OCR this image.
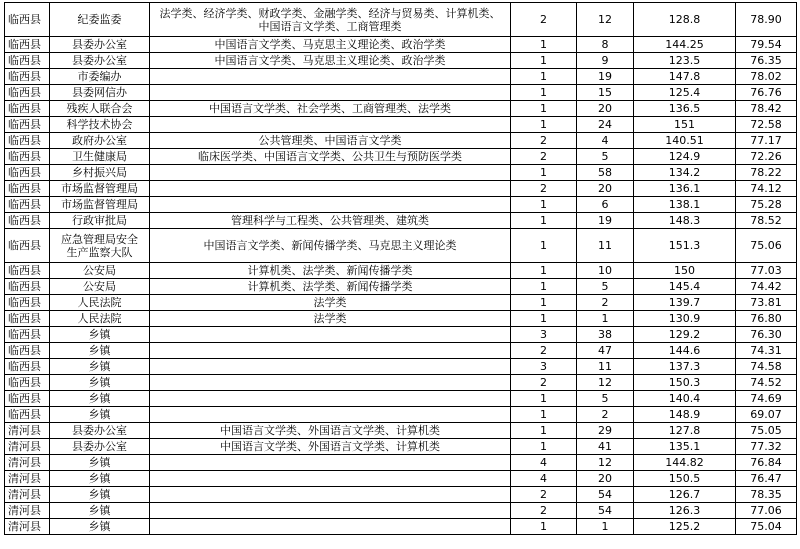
临西县	纪委监委	法学类、经济学类、财政学类、金融学类、经济与贸易类、计算机类、
中国语言文学类、工商管理类	2	12	128.8	78.90
临西县	县委办公室	中国语言文学类、马克思主义理论类、政治学类	1	8	144.25	79.54
临西县	县委办公室	中国语言文学类、马克思主义理论类、政治学类	1	9	123.5	76.35
临西县	市委编办		1	19	147.8	78.02
临西县	县委网信办		1	15	125.4	76.76
临西县	残疾人联合会	中国语言文学类、社会学类、工商管理类、法学类	1	20	136.5	78.42
临西县	科学技术协会		1	24	151	72.58
临西县	政府办公室	公共管理类、中国语言文学类	2	4	140.51	77.17
临西县	卫生健康局	临床医学类、中国语言文学类、公共卫生与预防医学类	2	5	124.9	72.26
临西县	乡村振兴局		1	58	134.2	78.22
临西县	市场监督管理局		2	20	136.1	74.12
临西县	市场监督管理局		1	6	138.1	75.28
临西县	行政审批局	管理科学与工程类、公共管理类、建筑类	1	19	148.3	78.52
临西县	应急管理局安全
生产监察大队	中国语言文学类、新闻传播学类、马克思主义理论类	1	11	151.3	75.06
临西县	公安局	计算机类、法学类、新闻传播学类	1	10	150	77.03
临西县	公安局	计算机类、法学类、新闻传播学类	1	5	145.4	74.42
临西县	人民法院	法学类	1	2	139.7	73.81
临西县	人民法院	法学类	1	1	130.9	76.80
临西县	乡镇		3	38	129.2	76.30
临西县	乡镇		2	47	144.6	74.31
临西县	乡镇		3	11	137.3	74.58
临西县	乡镇		2	12	150.3	74.52
临西县	乡镇		1	5	140.4	74.69
临西县	乡镇		1	2	148.9	69.07
清河县	县委办公室	中国语言文学类、外国语言文学类、计算机类	1	29	127.8	75.05
清河县	县委办公室	中国语言文学类、外国语言文学类、计算机类	1	41	135.1	77.32
清河县	乡镇		4	12	144.82	76.84
清河县	乡镇		4	20	150.5	76.47
清河县	乡镇		2	54	126.7	78.35
清河县	乡镇		2	54	126.3	77.06
清河县	乡镇		1	1	125.2	75.04
